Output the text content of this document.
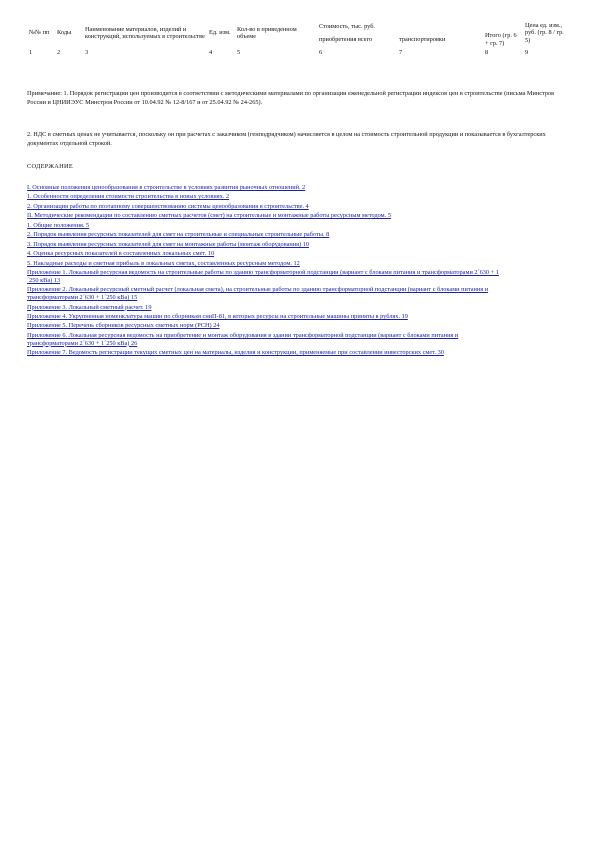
№№ пп	Коды	Наименование материалов, изделий и конструкций, используемых в строительстве	Ед. изм.	Кол-во в приведенном объеме	Стоимость, тыс. руб.			Цена ед. изм., руб. (гр. 8 / гр. 5)
					приобретения всего	транспортировки	Итого (гр. 6 + гр. 7)	
1	2	3	4	5	6	7	8	9

Примечание: 1. Порядок регистрации цен производится в соответствии с методическими материалами по организации еженедельной регистрации индексов цен в строительстве (письма Минстроя России и ЦНИИЭУС Минстроя России от 10.04.92 № 12-8/167 и от 25.04.92 № 24-265).

2. НДС в сметных ценах не учитывается, поскольку он при расчетах с заказчиком (генподрядчиком) начисляется в целом на стоимость строительной продукции и показывается в бухгалтерских документах отдельной строкой.

СОДЕРЖАНИЕ

I. Основные положения ценообразования в строительстве в условиях развития рыночных отношений. 2
1. Особенности определения стоимости строительства в новых условиях. 2
2. Организация работы по поэтапному совершенствованию системы ценообразования в строительстве. 4
II. Методические рекомендации по составлению сметных расчетов (смет) на строительные и монтажные работы ресурсным методом. 5
1. Общие положения. 5
2. Порядок выявления ресурсных показателей для смет на строительные и специальные строительные работы. 8
3. Порядок выявления ресурсных показателей для смет на монтажные работы (монтаж оборудования) 10
4. Оценка ресурсных показателей в составленных локальных смет. 10
5. Накладные расходы и сметная прибыль в локальных сметах, составленных ресурсным методом. 12
Приложение 1. Локальный ресурсная ведомость на строительные работы по зданию трансформаторной подстанции (вариант с блоками питания и трансформаторами 2´630 + 1´250 кВа) 13
Приложение 2. Локальный ресурсный сметный расчет (локальная смета), на строительные работы по зданию трансформаторной подстанции (вариант с блоками питания и трансформаторами 2´630 + 1´250 кВа) 15
Приложение 3. Локальный сметный расчет. 19
Приложение 4. Укрупненная номенклатура машин по сборникам сниП-81, в которых ресурсы на строительные машины приняты в рублях. 19
Приложение 5. Перечень сборников ресурсных сметных норм (РСН) 24
Приложение 6. Локальная ресурсная ведомость на приобретение и монтаж оборудования в здании трансформаторной подстанции (вариант с блоками питания и трансформаторами 2´630 + 1´250 кВа) 26
Приложение 7. Ведомость регистрации текущих сметных цен на материалы, изделия и конструкции, применяемые при составлении инвесторских смет. 30
